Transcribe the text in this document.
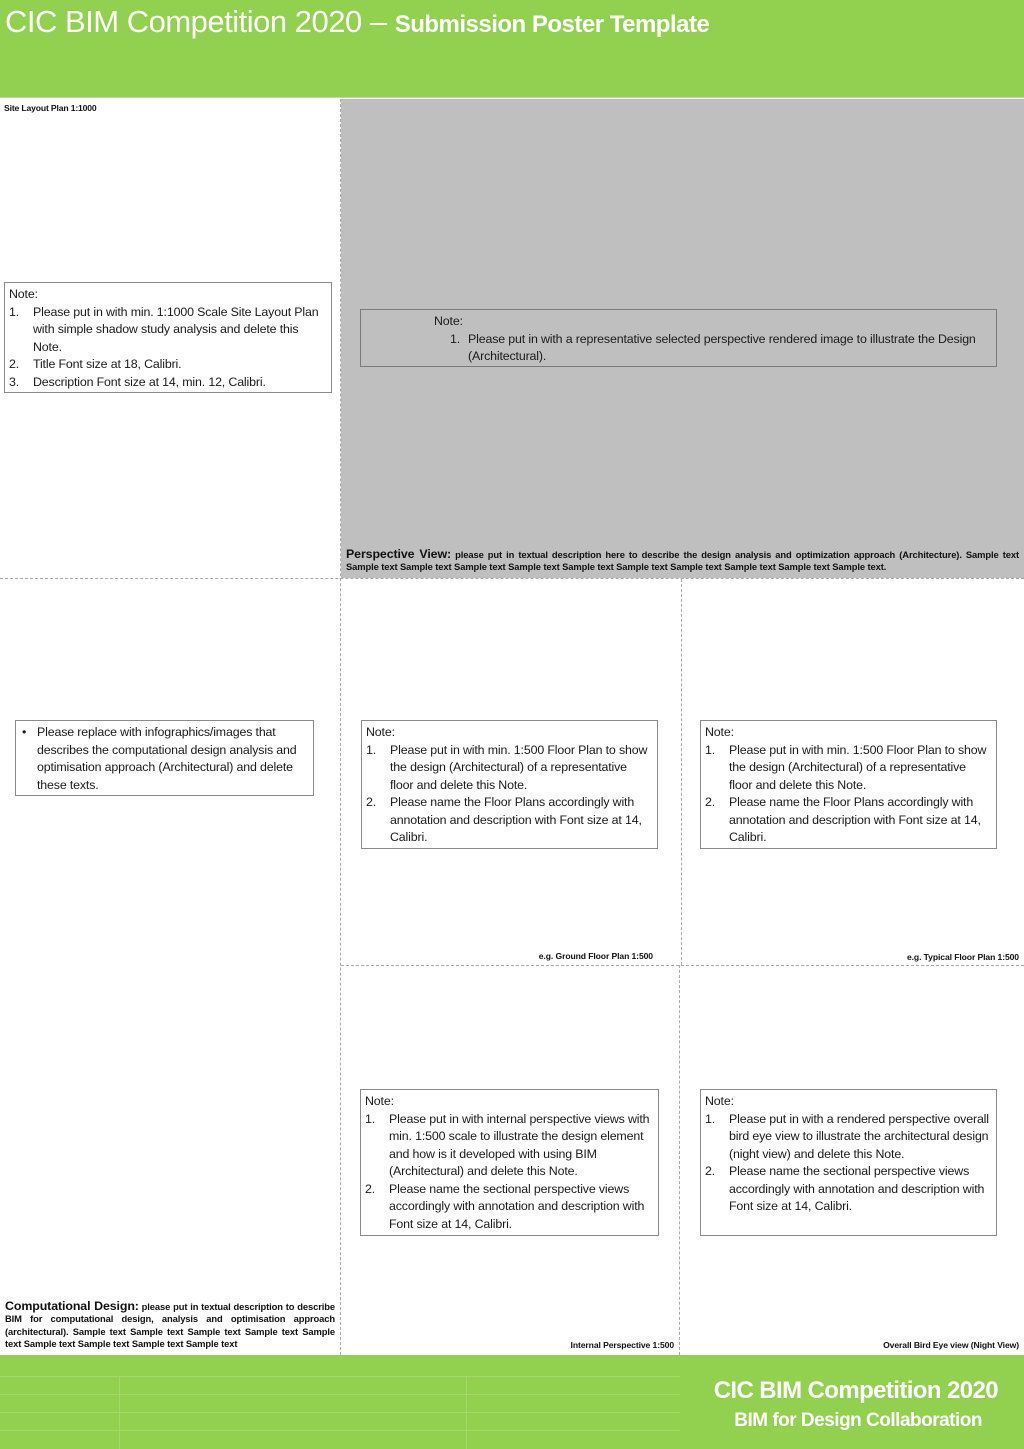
CIC BIM Competition 2020 – Submission Poster Template
Site Layout Plan 1:1000
Note:
1. Please put in with min. 1:1000 Scale Site Layout Plan with simple shadow study analysis and delete this Note.
2. Title Font size at 18, Calibri.
3. Description Font size at 14, min. 12, Calibri.
Note:
1. Please put in with a representative selected perspective rendered image to illustrate the Design (Architectural).
Perspective View: please put in textual description here to describe the design analysis and optimization approach (Architecture). Sample text Sample text Sample text Sample text Sample text Sample text Sample text Sample text Sample text Sample text Sample text.
• Please replace with infographics/images that describes the computational design analysis and optimisation approach (Architectural) and delete these texts.
Computational Design: please put in textual description to describe BIM for computational design, analysis and optimisation approach (architectural). Sample text Sample text Sample text Sample text Sample text Sample text Sample text Sample text Sample text
Note:
1. Please put in with min. 1:500 Floor Plan to show the design (Architectural) of a representative floor and delete this Note.
2. Please name the Floor Plans accordingly with annotation and description with Font size at 14, Calibri.
e.g. Ground Floor Plan 1:500
Note:
1. Please put in with min. 1:500 Floor Plan to show the design (Architectural) of a representative floor and delete this Note.
2. Please name the Floor Plans accordingly with annotation and description with Font size at 14, Calibri.
e.g. Typical Floor Plan 1:500
Note:
1. Please put in with internal perspective views with min. 1:500 scale to illustrate the design element and how is it developed with using BIM (Architectural) and delete this Note.
2. Please name the sectional perspective views accordingly with annotation and description with Font size at 14, Calibri.
Internal Perspective 1:500
Note:
1. Please put in with a rendered perspective overall bird eye view to illustrate the architectural design (night view) and delete this Note.
2. Please name the sectional perspective views accordingly with annotation and description with Font size at 14, Calibri.
Overall Bird Eye view (Night View)
CIC BIM Competition 2020
BIM for Design Collaboration
